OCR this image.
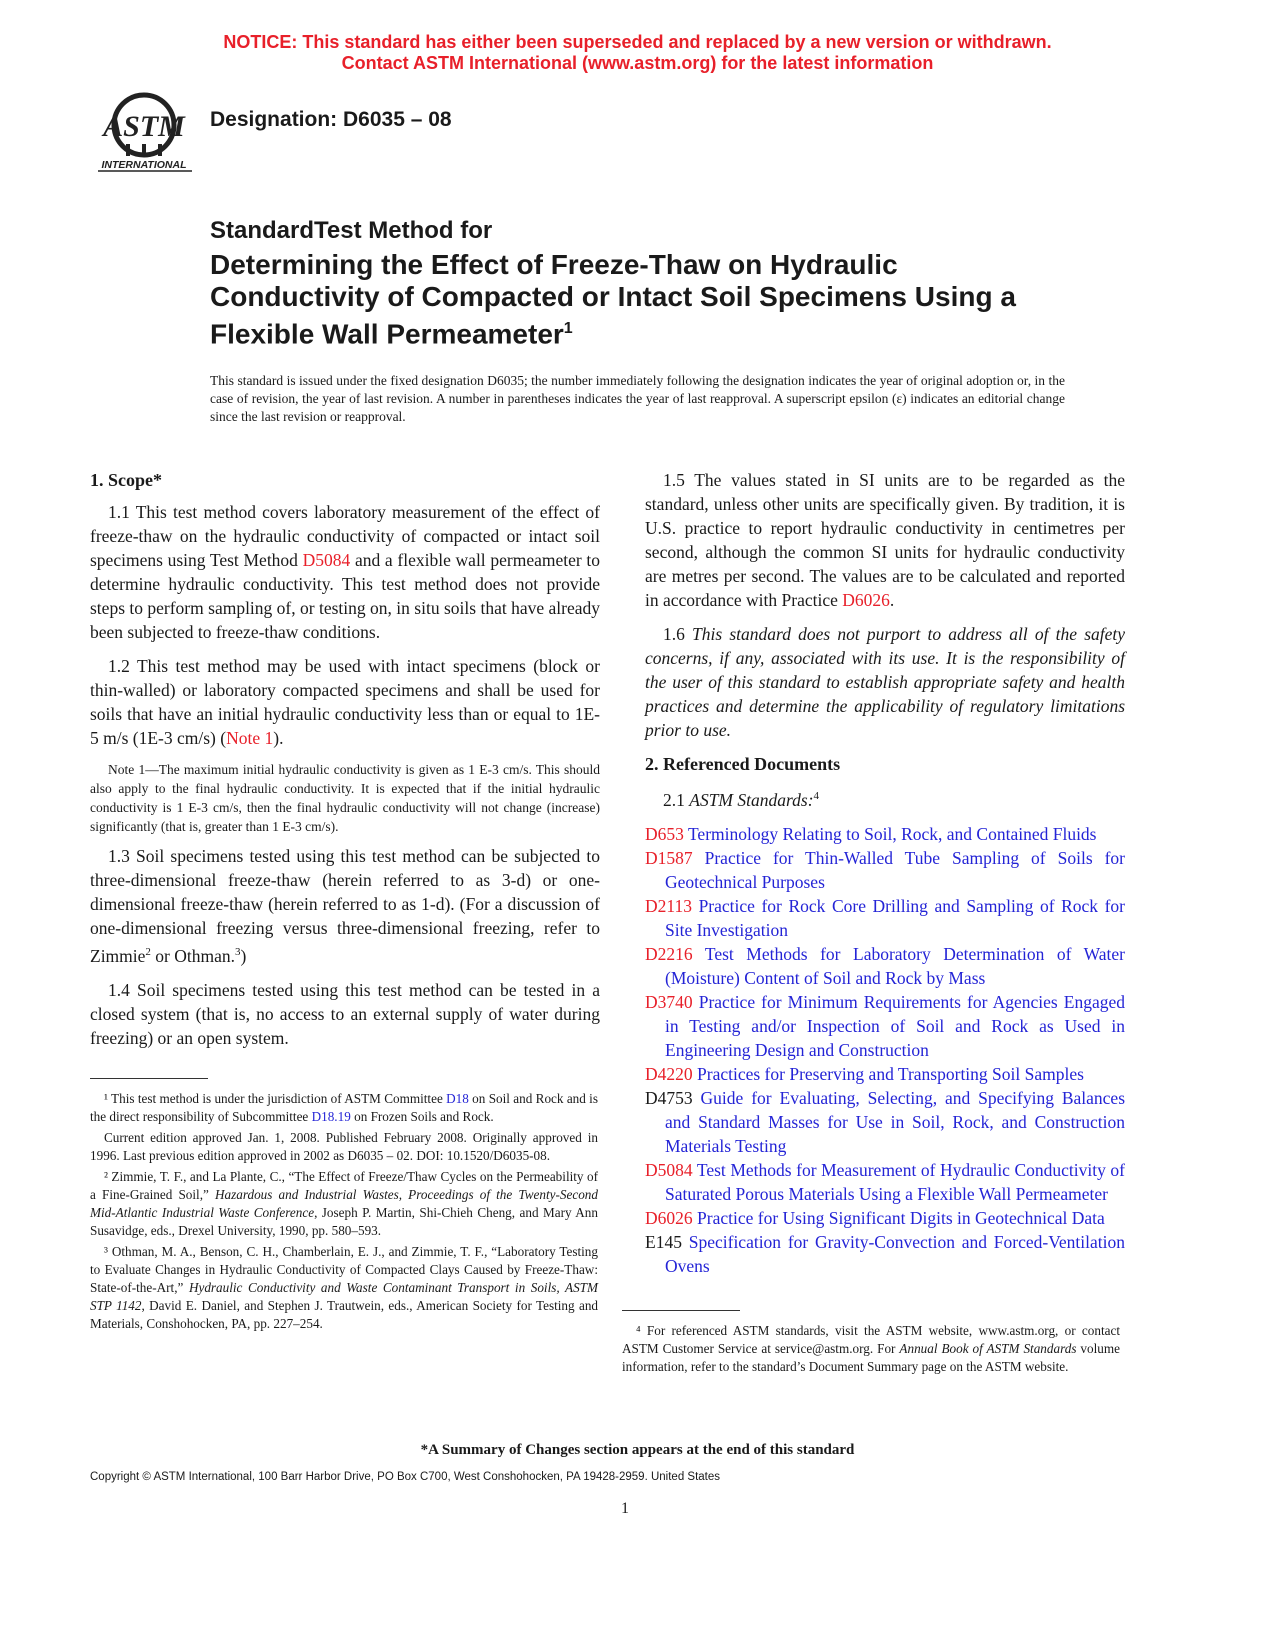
NOTICE: This standard has either been superseded and replaced by a new version or withdrawn.
Contact ASTM International (www.astm.org) for the latest information
ASTM
INTERNATIONAL
Designation: D6035 – 08
StandardTest Method for
Determining the Effect of Freeze-Thaw on Hydraulic Conductivity of Compacted or Intact Soil Specimens Using a Flexible Wall Permeameter$^1$
This standard is issued under the fixed designation D6035; the number immediately following the designation indicates the year of original adoption or, in the case of revision, the year of last revision. A number in parentheses indicates the year of last reapproval. A superscript epsilon (ε) indicates an editorial change since the last revision or reapproval.
1. Scope*

1.1 This test method covers laboratory measurement of the effect of freeze-thaw on the hydraulic conductivity of compacted or intact soil specimens using Test Method D5084 and a flexible wall permeameter to determine hydraulic conductivity. This test method does not provide steps to perform sampling of, or testing on, in situ soils that have already been subjected to freeze-thaw conditions.

1.2 This test method may be used with intact specimens (block or thin-walled) or laboratory compacted specimens and shall be used for soils that have an initial hydraulic conductivity less than or equal to 1E-5 m/s (1E-3 cm/s) (Note 1).

Note 1—The maximum initial hydraulic conductivity is given as 1 E-3 cm/s. This should also apply to the final hydraulic conductivity. It is expected that if the initial hydraulic conductivity is 1 E-3 cm/s, then the final hydraulic conductivity will not change (increase) significantly (that is, greater than 1 E-3 cm/s).

1.3 Soil specimens tested using this test method can be subjected to three-dimensional freeze-thaw (herein referred to as 3-d) or one-dimensional freeze-thaw (herein referred to as 1-d). (For a discussion of one-dimensional freezing versus three-dimensional freezing, refer to Zimmie$^2$ or Othman.$^3$)

1.4 Soil specimens tested using this test method can be tested in a closed system (that is, no access to an external supply of water during freezing) or an open system.

¹ This test method is under the jurisdiction of ASTM Committee D18 on Soil and Rock and is the direct responsibility of Subcommittee D18.19 on Frozen Soils and Rock.

Current edition approved Jan. 1, 2008. Published February 2008. Originally approved in 1996. Last previous edition approved in 2002 as D6035 – 02. DOI: 10.1520/D6035-08.

² Zimmie, T. F., and La Plante, C., “The Effect of Freeze/Thaw Cycles on the Permeability of a Fine-Grained Soil,” Hazardous and Industrial Wastes, Proceedings of the Twenty-Second Mid-Atlantic Industrial Waste Conference, Joseph P. Martin, Shi-Chieh Cheng, and Mary Ann Susavidge, eds., Drexel University, 1990, pp. 580–593.

³ Othman, M. A., Benson, C. H., Chamberlain, E. J., and Zimmie, T. F., “Laboratory Testing to Evaluate Changes in Hydraulic Conductivity of Compacted Clays Caused by Freeze-Thaw: State-of-the-Art,” Hydraulic Conductivity and Waste Contaminant Transport in Soils, ASTM STP 1142, David E. Daniel, and Stephen J. Trautwein, eds., American Society for Testing and Materials, Conshohocken, PA, pp. 227–254.

1.5 The values stated in SI units are to be regarded as the standard, unless other units are specifically given. By tradition, it is U.S. practice to report hydraulic conductivity in centimetres per second, although the common SI units for hydraulic conductivity are metres per second. The values are to be calculated and reported in accordance with Practice D6026.

1.6 This standard does not purport to address all of the safety concerns, if any, associated with its use. It is the responsibility of the user of this standard to establish appropriate safety and health practices and determine the applicability of regulatory limitations prior to use.

2. Referenced Documents

2.1 ASTM Standards:$^4$

D653 Terminology Relating to Soil, Rock, and Contained Fluids
D1587 Practice for Thin-Walled Tube Sampling of Soils for Geotechnical Purposes
D2113 Practice for Rock Core Drilling and Sampling of Rock for Site Investigation
D2216 Test Methods for Laboratory Determination of Water (Moisture) Content of Soil and Rock by Mass
D3740 Practice for Minimum Requirements for Agencies Engaged in Testing and/or Inspection of Soil and Rock as Used in Engineering Design and Construction
D4220 Practices for Preserving and Transporting Soil Samples
D4753 Guide for Evaluating, Selecting, and Specifying Balances and Standard Masses for Use in Soil, Rock, and Construction Materials Testing
D5084 Test Methods for Measurement of Hydraulic Conductivity of Saturated Porous Materials Using a Flexible Wall Permeameter
D6026 Practice for Using Significant Digits in Geotechnical Data
E145 Specification for Gravity-Convection and Forced-Ventilation Ovens

⁴ For referenced ASTM standards, visit the ASTM website, www.astm.org, or contact ASTM Customer Service at service@astm.org. For Annual Book of ASTM Standards volume information, refer to the standard’s Document Summary page on the ASTM website.

*A Summary of Changes section appears at the end of this standard
Copyright © ASTM International, 100 Barr Harbor Drive, PO Box C700, West Conshohocken, PA 19428-2959. United States
1
